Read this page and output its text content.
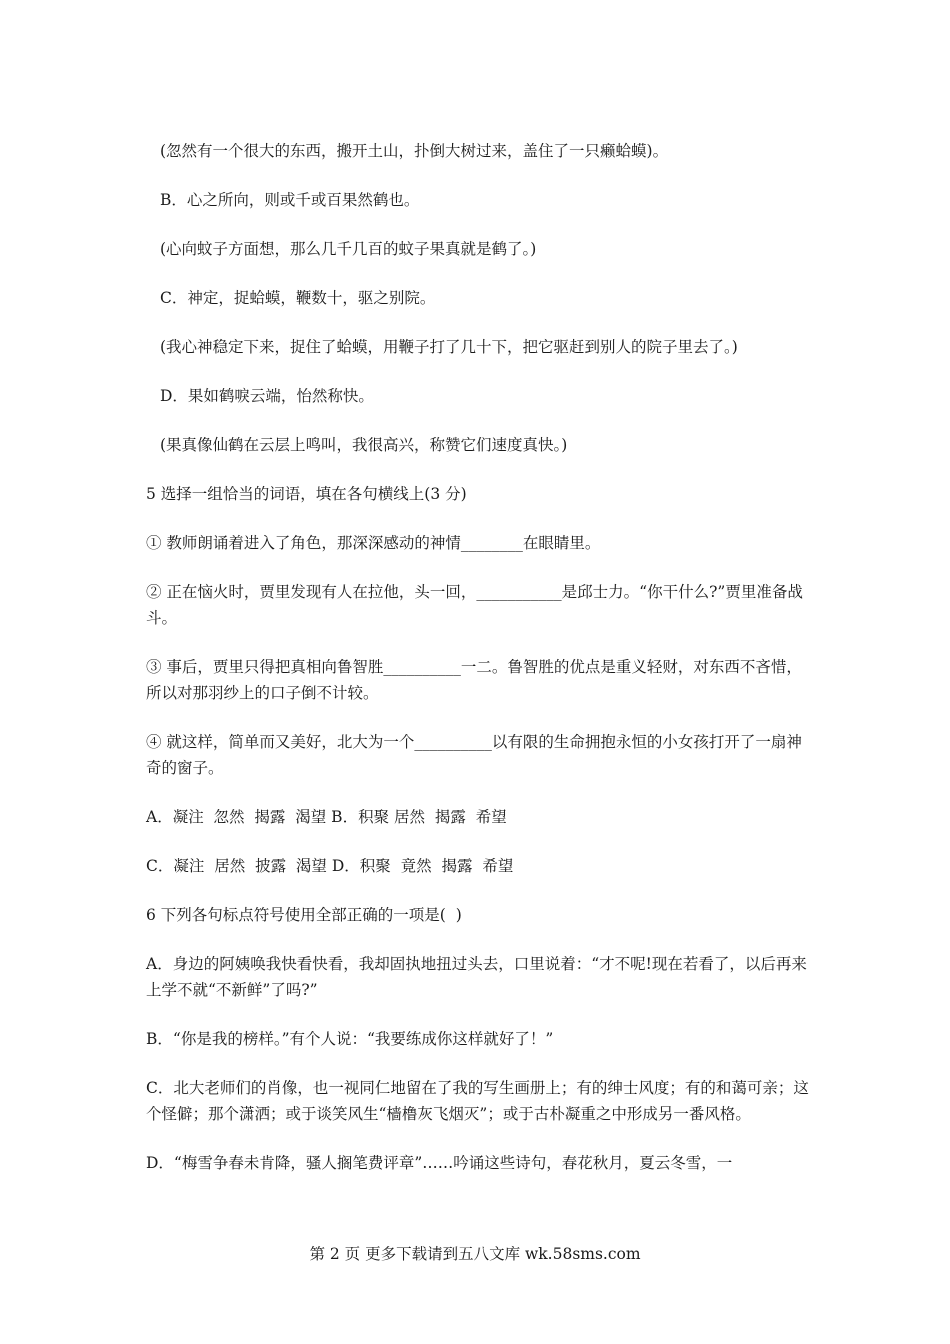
(忽然有一个很大的东西，搬开土山，扑倒大树过来，盖住了一只癞蛤蟆)。

B．心之所向，则或千或百果然鹤也。

(心向蚊子方面想，那么几千几百的蚊子果真就是鹤了。)

C．神定，捉蛤蟆，鞭数十，驱之别院。

(我心神稳定下来，捉住了蛤蟆，用鞭子打了几十下，把它驱赶到别人的院子里去了。)

D．果如鹤唳云端，怡然称快。

(果真像仙鹤在云层上鸣叫，我很高兴，称赞它们速度真快。)

5 选择一组恰当的词语，填在各句横线上(3 分)

① 教师朗诵着进入了角色，那深深感动的神情________在眼睛里。

② 正在恼火时，贾里发现有人在拉他，头一回，___________是邱士力。“你干什么?”贾里准备战斗。

③ 事后，贾里只得把真相向鲁智胜__________一二。鲁智胜的优点是重义轻财，对东西不吝惜，所以对那羽纱上的口子倒不计较。

④ 就这样，简单而又美好，北大为一个__________以有限的生命拥抱永恒的小女孩打开了一扇神奇的窗子。

A．凝注  忽然  揭露  渴望 B．积聚 居然  揭露  希望

C．凝注  居然  披露  渴望 D．积聚  竟然  揭露  希望

6 下列各句标点符号使用全部正确的一项是(  )

A．身边的阿姨唤我快看快看，我却固执地扭过头去，口里说着：“才不呢!现在若看了，以后再来上学不就“不新鲜”了吗?”

B．“你是我的榜样。”有个人说：“我要练成你这样就好了！”

C．北大老师们的肖像，也一视同仁地留在了我的写生画册上；有的绅士风度；有的和蔼可亲；这个怪僻；那个潇洒；或于谈笑风生“樯橹灰飞烟灭”；或于古朴凝重之中形成另一番风格。

D．“梅雪争春未肯降，骚人搁笔费评章”……吟诵这些诗句，春花秋月，夏云冬雪，一

第 2 页 更多下载请到五八文库 wk.58sms.com
